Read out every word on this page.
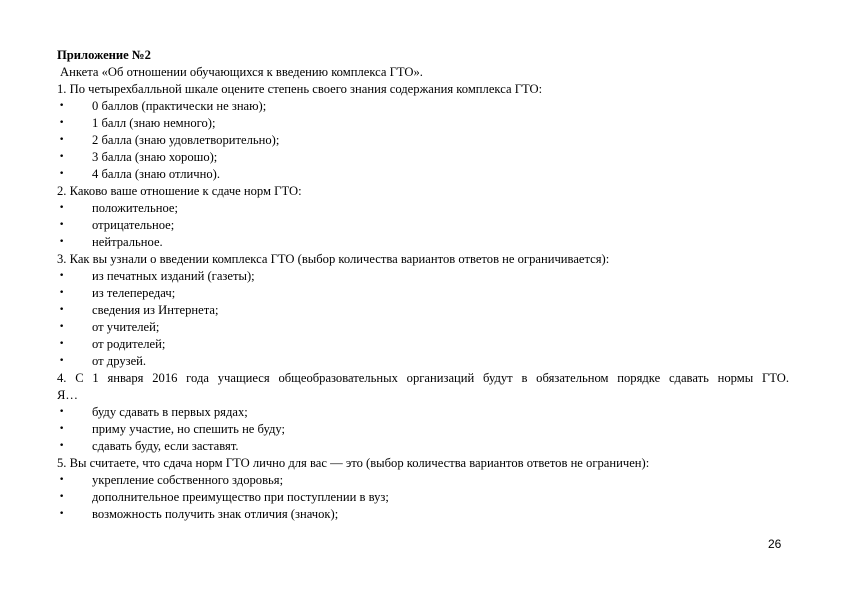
Приложение №2
Анкета «Об отношении обучающихся к введению комплекса ГТО».
1. По четырехбалльной шкале оцените степень своего знания содержания комплекса ГТО:
• 0 баллов (практически не знаю);
• 1 балл (знаю немного);
• 2 балла (знаю удовлетворительно);
• 3 балла (знаю хорошо);
• 4 балла (знаю отлично).
2. Каково ваше отношение к сдаче норм ГТО:
• положительное;
• отрицательное;
• нейтральное.
3. Как вы узнали о введении комплекса ГТО (выбор количества вариантов ответов не ограничивается):
• из печатных изданий (газеты);
• из телепередач;
• сведения из Интернета;
• от учителей;
• от родителей;
• от друзей.
4. С 1 января 2016 года учащиеся общеобразовательных организаций будут в обязательном порядке сдавать нормы ГТО.
Я…
• буду сдавать в первых рядах;
• приму участие, но спешить не буду;
• сдавать буду, если заставят.
5. Вы считаете, что сдача норм ГТО лично для вас — это (выбор количества вариантов ответов не ограничен):
• укрепление собственного здоровья;
• дополнительное преимущество при поступлении в вуз;
• возможность получить знак отличия (значок);
26
